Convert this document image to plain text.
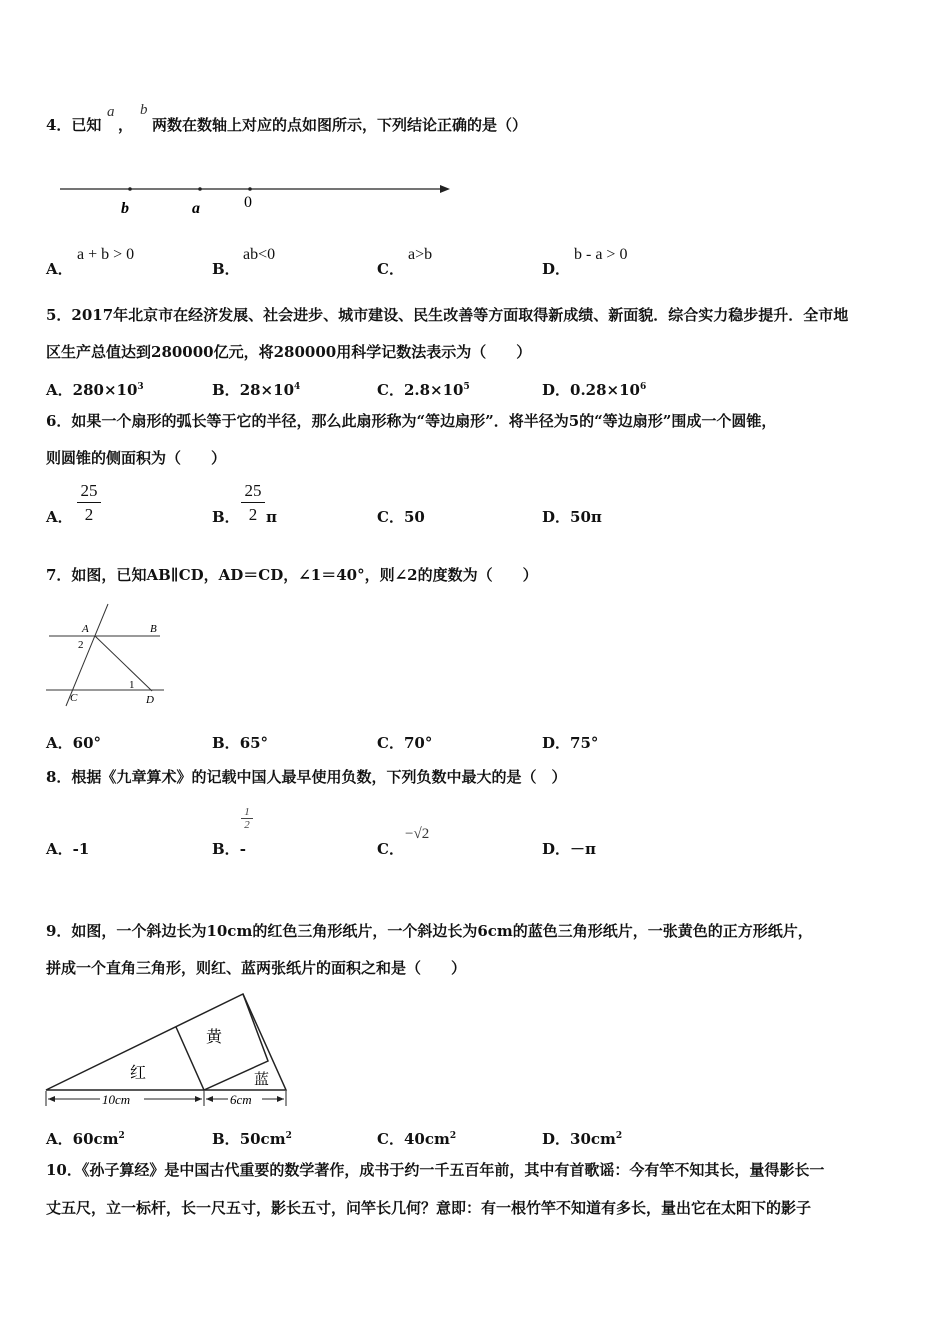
4．已知
a
，
b
两数在数轴上对应的点如图所示，下列结论正确的是（）
b	a	0
A．
a + b > 0
B．
ab<0
C．
a>b
D．
b - a > 0
5．2017年北京市在经济发展、社会进步、城市建设、民生改善等方面取得新成绩、新面貌．综合实力稳步提升．全市地
区生产总值达到280000亿元，将280000用科学记数法表示为（　　）
A．$280\times 10^3$	B．$28\times 10^4$	C．$2.8\times 10^5$	D．$0.28\times 10^6$
6．如果一个扇形的弧长等于它的半径，那么此扇形称为“等边扇形”．将半径为5的“等边扇形”围成一个圆锥，
则圆锥的侧面积为（　　）
A． $\frac{25}{2}$	B． $\frac{25}{2}$ π	C．50	D．50π
7．如图，已知AB∥CD，AD＝CD，∠1＝40°，则∠2的度数为（　　）
A	B
C	D
1
2
A．60°	B．65°	C．70°	D．75°
8．根据《九章算术》的记载中国人最早使用负数，下列负数中最大的是（　）
A．-1	B．-
$\frac{1}{2}$
C．
−√2
D．－π
9．如图，一个斜边长为10cm的红色三角形纸片，一个斜边长为6cm的蓝色三角形纸片，一张黄色的正方形纸片，
拼成一个直角三角形，则红、蓝两张纸片的面积之和是（　　）
黄
红	蓝
10cm	6cm
A．$60cm^2$	B．$50cm^2$	C．$40cm^2$	D．$30cm^2$
10．《孙子算经》是中国古代重要的数学著作，成书于约一千五百年前，其中有首歌谣：今有竿不知其长，量得影长一
丈五尺，立一标杆，长一尺五寸，影长五寸，问竿长几何？意即：有一根竹竿不知道有多长，量出它在太阳下的影子
